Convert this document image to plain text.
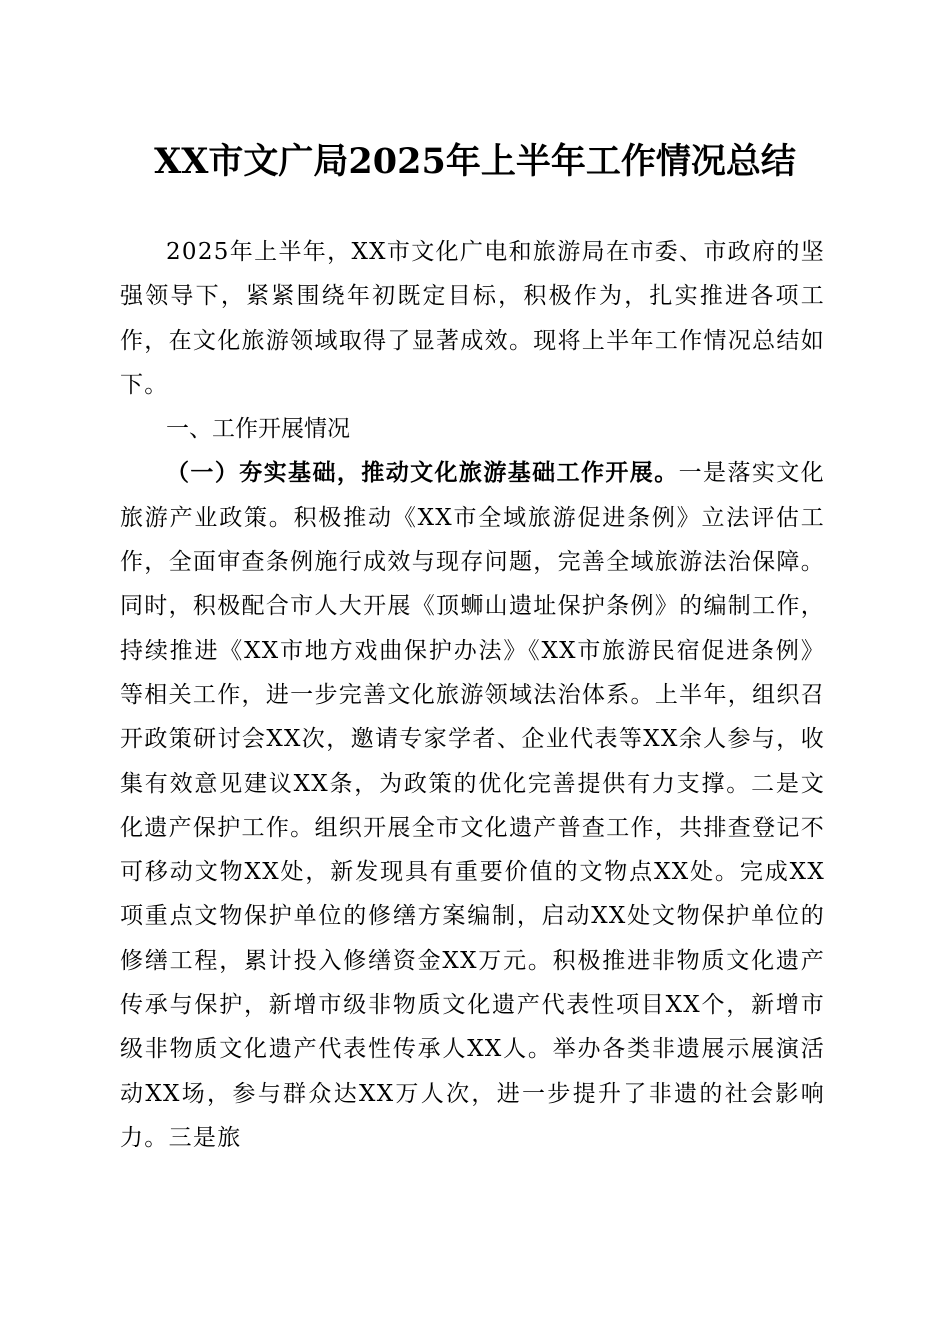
XX市文广局2025年上半年工作情况总结

2025年上半年，XX市文化广电和旅游局在市委、市政府的坚强领导下，紧紧围绕年初既定目标，积极作为，扎实推进各项工作，在文化旅游领域取得了显著成效。现将上半年工作情况总结如下。

一、工作开展情况

（一）夯实基础，推动文化旅游基础工作开展。一是落实文化旅游产业政策。积极推动《XX市全域旅游促进条例》立法评估工作，全面审查条例施行成效与现存问题，完善全域旅游法治保障。同时，积极配合市人大开展《顶蛳山遗址保护条例》的编制工作，持续推进《XX市地方戏曲保护办法》《XX市旅游民宿促进条例》等相关工作，进一步完善文化旅游领域法治体系。上半年，组织召开政策研讨会XX次，邀请专家学者、企业代表等XX余人参与，收集有效意见建议XX条，为政策的优化完善提供有力支撑。二是文化遗产保护工作。组织开展全市文化遗产普查工作，共排查登记不可移动文物XX处，新发现具有重要价值的文物点XX处。完成XX项重点文物保护单位的修缮方案编制，启动XX处文物保护单位的修缮工程，累计投入修缮资金XX万元。积极推进非物质文化遗产传承与保护，新增市级非物质文化遗产代表性项目XX个，新增市级非物质文化遗产代表性传承人XX人。举办各类非遗展示展演活动XX场，参与群众达XX万人次，进一步提升了非遗的社会影响力。三是旅
